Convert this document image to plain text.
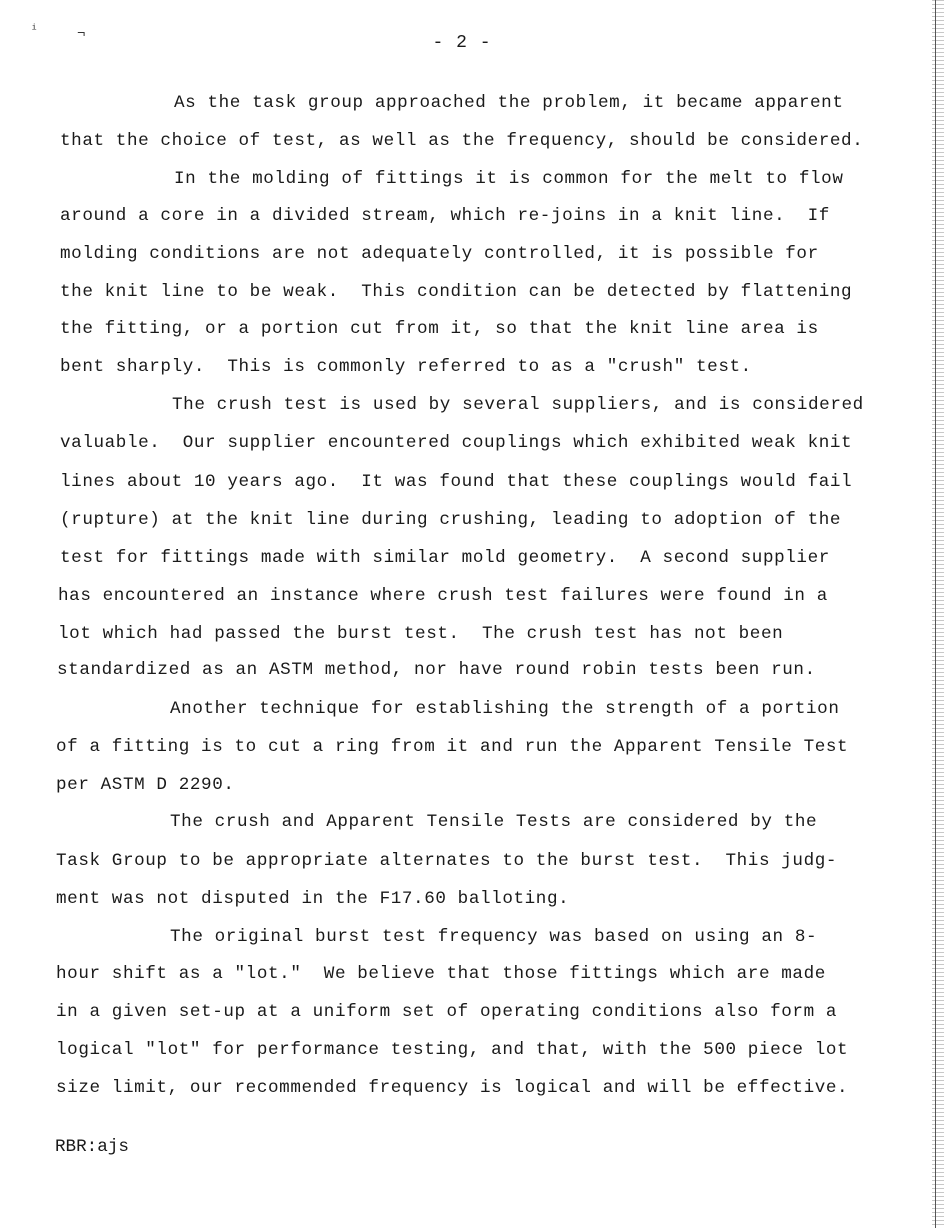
ⁱ	¬	- 2 -
As the task group approached the problem, it became apparent
that the choice of test, as well as the frequency, should be considered.
In the molding of fittings it is common for the melt to flow
around a core in a divided stream, which re-joins in a knit line.  If
molding conditions are not adequately controlled, it is possible for
the knit line to be weak.  This condition can be detected by flattening
the fitting, or a portion cut from it, so that the knit line area is
bent sharply.  This is commonly referred to as a "crush" test.
The crush test is used by several suppliers, and is considered
valuable.  Our supplier encountered couplings which exhibited weak knit
lines about 10 years ago.  It was found that these couplings would fail
(rupture) at the knit line during crushing, leading to adoption of the
test for fittings made with similar mold geometry.  A second supplier
has encountered an instance where crush test failures were found in a
lot which had passed the burst test.  The crush test has not been
standardized as an ASTM method, nor have round robin tests been run.
Another technique for establishing the strength of a portion
of a fitting is to cut a ring from it and run the Apparent Tensile Test
per ASTM D 2290.
The crush and Apparent Tensile Tests are considered by the
Task Group to be appropriate alternates to the burst test.  This judg-
ment was not disputed in the F17.60 balloting.
The original burst test frequency was based on using an 8-
hour shift as a "lot."  We believe that those fittings which are made
in a given set-up at a uniform set of operating conditions also form a
logical "lot" for performance testing, and that, with the 500 piece lot
size limit, our recommended frequency is logical and will be effective.
RBR:ajs
